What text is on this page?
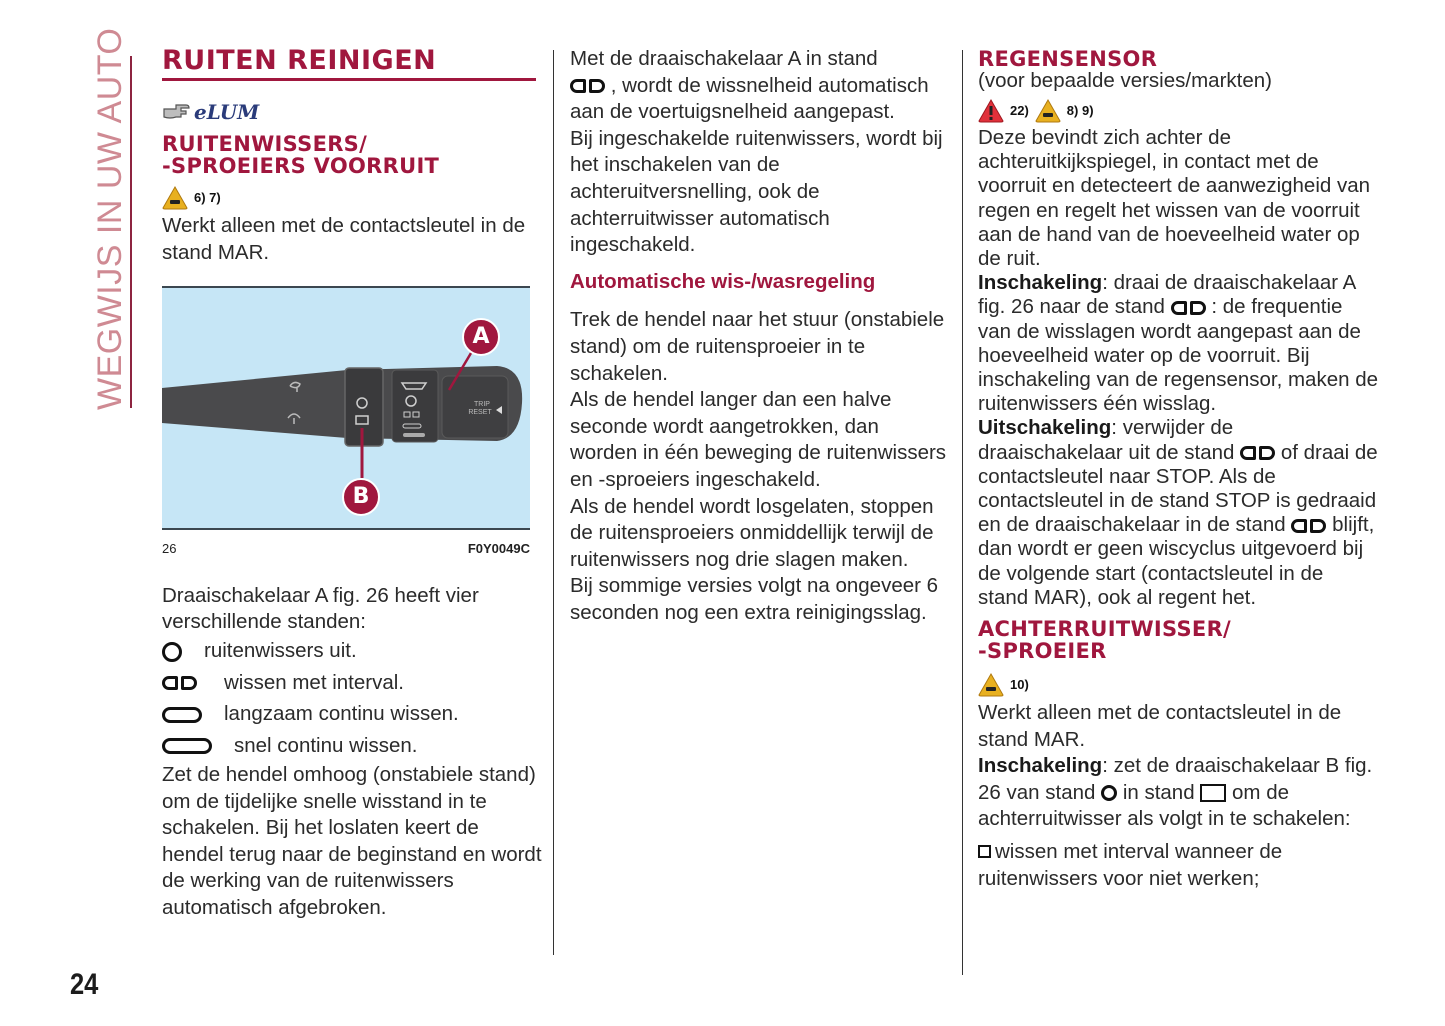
WEGWIJS IN UW AUTO RUITEN REINIGEN
eLUM
RUITENWISSERS/
-SPROEIERS VOORRUIT
6) 7)

Werkt alleen met de contactsleutel in de stand MAR.

TRIP
RESET
A
B
26	F0Y0049C

Draaischakelaar A fig. 26 heeft vier verschillende standen:

ruitenwissers uit.
wissen met interval.
langzaam continu wissen.
snel continu wissen.

Zet de hendel omhoog (onstabiele stand) om de tijdelijke snelle wisstand in te schakelen. Bij het loslaten keert de hendel terug naar de beginstand en wordt de werking van de ruitenwissers automatisch afgebroken.

Met de draaischakelaar A in stand

, wordt de wissnelheid automatisch aan de voertuigsnelheid aangepast.

Bij ingeschakelde ruitenwissers, wordt bij het inschakelen van de achteruitversnelling, ook de achterruitwisser automatisch ingeschakeld.

Automatische wis-/wasregeling

Trek de hendel naar het stuur (onstabiele stand) om de ruitensproeier in te schakelen.

Als de hendel langer dan een halve seconde wordt aangetrokken, dan worden in één beweging de ruitenwissers en -sproeiers ingeschakeld.

Als de hendel wordt losgelaten, stoppen de ruitensproeiers onmiddellijk terwijl de ruitenwissers nog drie slagen maken.

Bij sommige versies volgt na ongeveer 6 seconden nog een extra reinigingsslag.

REGENSENSOR

(voor bepaalde versies/markten)

22)	8) 9)

Deze bevindt zich achter de achteruitkijkspiegel, in contact met de voorruit en detecteert de aanwezigheid van regen en regelt het wissen van de voorruit aan de hand van de hoeveelheid water op de ruit.

Inschakeling: draai de draaischakelaar A fig. 26 naar de stand : de frequentie van de wisslagen wordt aangepast aan de hoeveelheid water op de voorruit. Bij inschakeling van de regensensor, maken de ruitenwissers één wisslag.

Uitschakeling: verwijder de draaischakelaar uit de stand of draai de contactsleutel naar STOP. Als de contactsleutel in de stand STOP is gedraaid en de draaischakelaar in de stand blijft, dan wordt er geen wiscyclus uitgevoerd bij de volgende start (contactsleutel in de stand MAR), ook al regent het.

ACHTERRUITWISSER/
-SPROEIER
10)

Werkt alleen met de contactsleutel in de stand MAR.

Inschakeling: zet de draaischakelaar B fig. 26 van stand in stand om de achterruitwisser als volgt in te schakelen:

wissen met interval wanneer de ruitenwissers voor niet werken;

24
